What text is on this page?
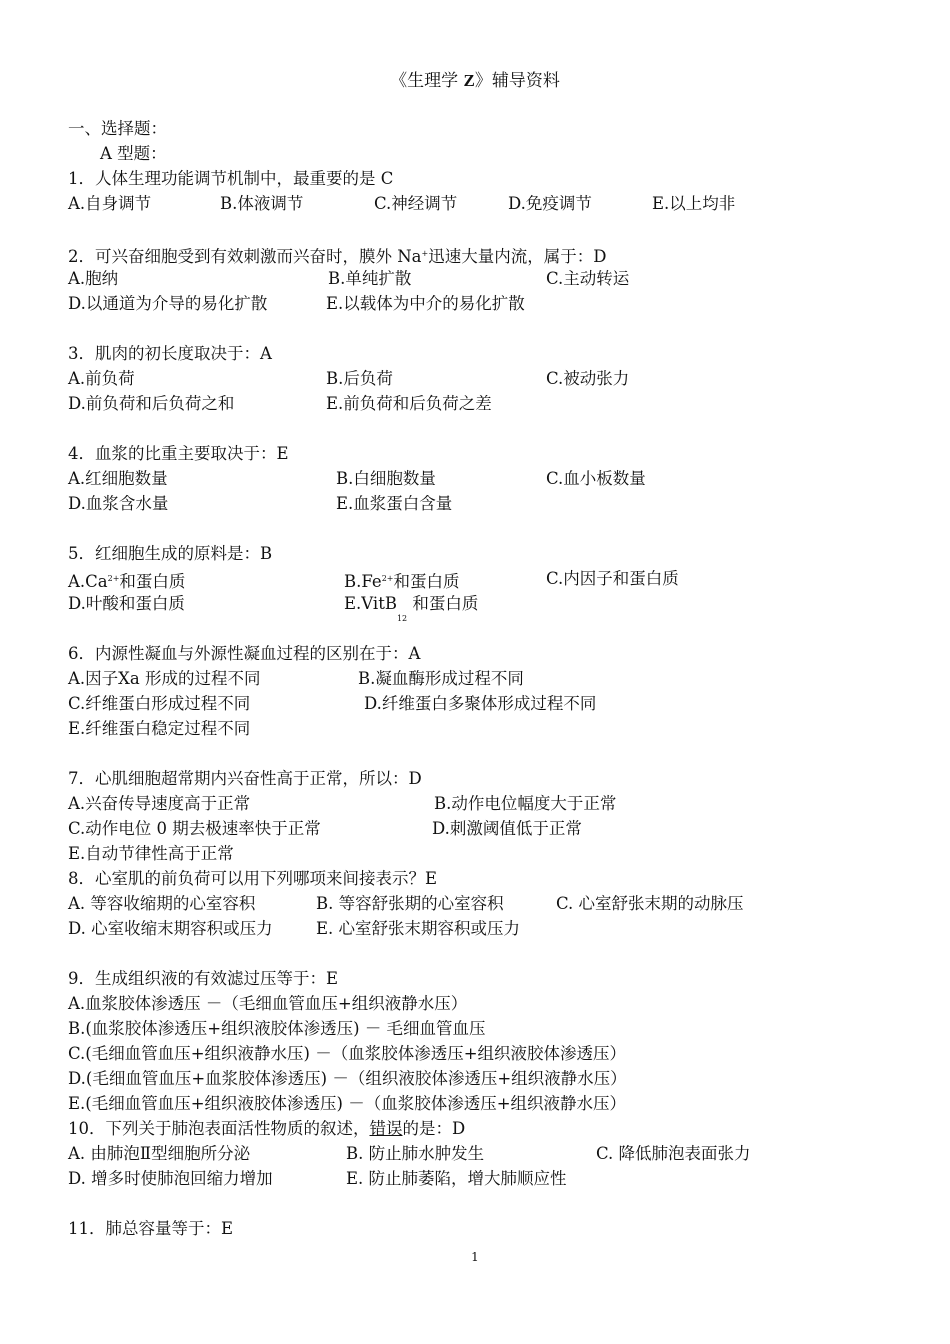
《生理学 Z》辅导资料
一、选择题：
A 型题：
1．人体生理功能调节机制中，最重要的是 C
A.自身调节	B.体液调节	C.神经调节	D.免疫调节	E.以上均非
2．可兴奋细胞受到有效刺激而兴奋时，膜外 Na+迅速大量内流，属于：D
A.胞纳	B.单纯扩散	C.主动转运
D.以通道为介导的易化扩散	E.以载体为中介的易化扩散
3．肌肉的初长度取决于：A
A.前负荷	B.后负荷	C.被动张力
D.前负荷和后负荷之和	E.前负荷和后负荷之差
4．血浆的比重主要取决于：E
A.红细胞数量	B.白细胞数量	C.血小板数量
D.血浆含水量	E.血浆蛋白含量
5．红细胞生成的原料是：B
$A.Ca^{2+}$和蛋白质	$B.Fe^{2+}$和蛋白质	C.内因子和蛋白质
D.叶酸和蛋白质	E.VitB$_{12}$ 和蛋白质
6．内源性凝血与外源性凝血过程的区别在于：A
A.因子Ⅹa 形成的过程不同	B.凝血酶形成过程不同
C.纤维蛋白形成过程不同	D.纤维蛋白多聚体形成过程不同
E.纤维蛋白稳定过程不同
7．心肌细胞超常期内兴奋性高于正常，所以：D
A.兴奋传导速度高于正常	B.动作电位幅度大于正常
C.动作电位 0 期去极速率快于正常	D.刺激阈值低于正常
E.自动节律性高于正常
8．心室肌的前负荷可以用下列哪项来间接表示？E
A. 等容收缩期的心室容积	B. 等容舒张期的心室容积	C. 心室舒张末期的动脉压
D. 心室收缩末期容积或压力	E. 心室舒张末期容积或压力
9．生成组织液的有效滤过压等于：E
A.血浆胶体渗透压 －（毛细血管血压+组织液静水压）
B.(血浆胶体渗透压+组织液胶体渗透压) － 毛细血管血压
C.(毛细血管血压+组织液静水压) －（血浆胶体渗透压+组织液胶体渗透压）
D.(毛细血管血压+血浆胶体渗透压) －（组织液胶体渗透压+组织液静水压）
E.(毛细血管血压+组织液胶体渗透压) －（血浆胶体渗透压+组织液静水压）
10．下列关于肺泡表面活性物质的叙述，错误的是：D
A. 由肺泡Ⅱ型细胞所分泌	B. 防止肺水肿发生	C. 降低肺泡表面张力
D. 增多时使肺泡回缩力增加	E. 防止肺萎陷，增大肺顺应性
11．肺总容量等于：E
1
